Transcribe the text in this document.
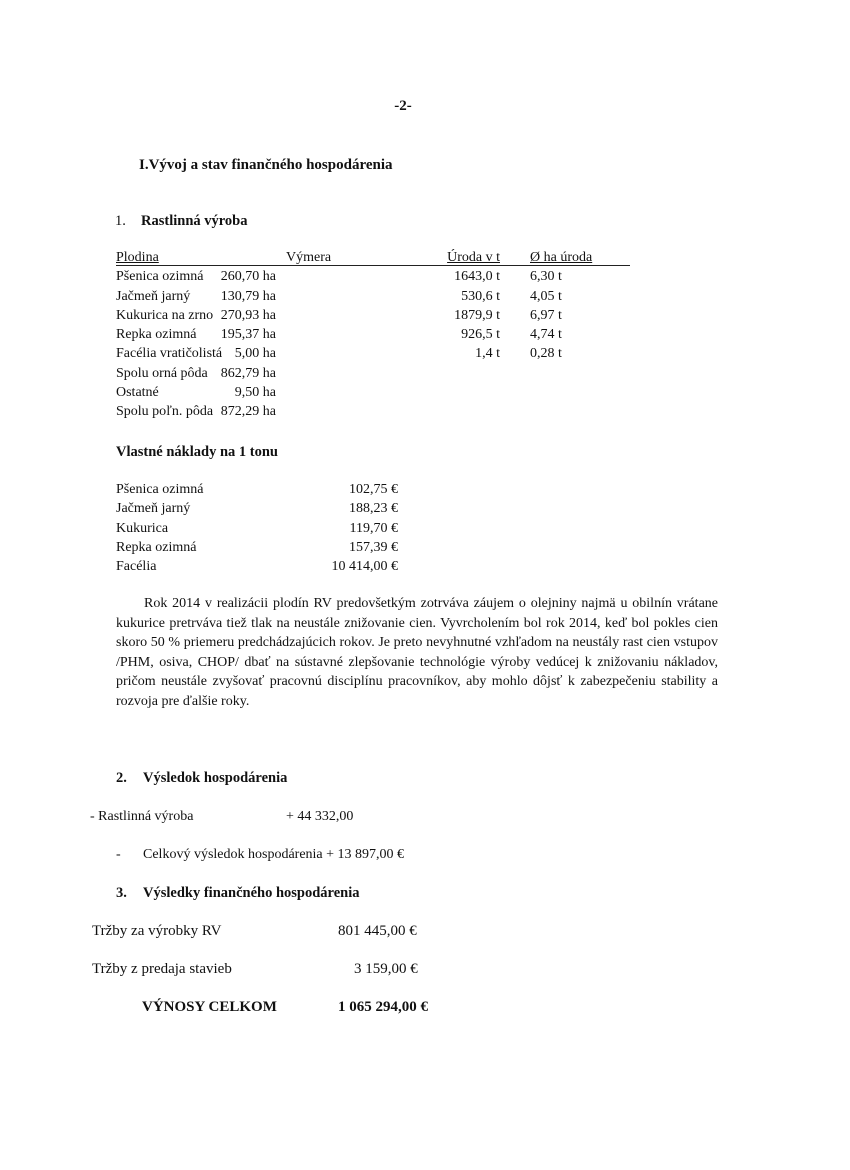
-2-
I.Vývoj a stav finančného hospodárenia
1. Rastlinná výroba
Plodina	Výmera	Úroda v t Ø ha úroda
Pšenica ozimná 260,70 ha	1643,0 t 6,30 t
Jačmeň jarný 130,79 ha	530,6 t 4,05 t
Kukurica na zrno 270,93 ha	1879,9 t 6,97 t
Repka ozimná 195,37 ha	926,5 t 4,74 t
Facélia vratičolistá 5,00 ha	1,4 t 0,28 t
Spolu orná pôda 862,79 ha
Ostatné	9,50 ha
Spolu poľn. pôda 872,29 ha
Vlastné náklady na 1 tonu
Pšenica ozimná	102,75 €
Jačmeň jarný	188,23 €
Kukurica	119,70 €
Repka ozimná	157,39 €
Facélia	10 414,00 €
Rok 2014 v realizácii plodín RV predovšetkým zotrváva záujem o olejniny najmä u obilnín vrátane kukurice pretrváva tiež tlak na neustále znižovanie cien. Vyvrcholením bol rok 2014, keď bol pokles cien skoro 50 % priemeru predchádzajúcich rokov. Je preto nevyhnutné vzhľadom na neustály rast cien vstupov /PHM, osiva, CHOP/ dbať na sústavné zlepšovanie technológie výroby vedúcej k znižovaniu nákladov, pričom neustále zvyšovať pracovnú disciplínu pracovníkov, aby mohlo dôjsť k zabezpečeniu stability a rozvoja pre ďalšie roky.
2. Výsledok hospodárenia
- Rastlinná výroba	+ 44 332,00
- Celkový výsledok hospodárenia + 13 897,00 €
3. Výsledky finančného hospodárenia
Tržby za výrobky RV	801 445,00 €
Tržby z predaja stavieb	3 159,00 €
VÝNOSY CELKOM	1 065 294,00 €
